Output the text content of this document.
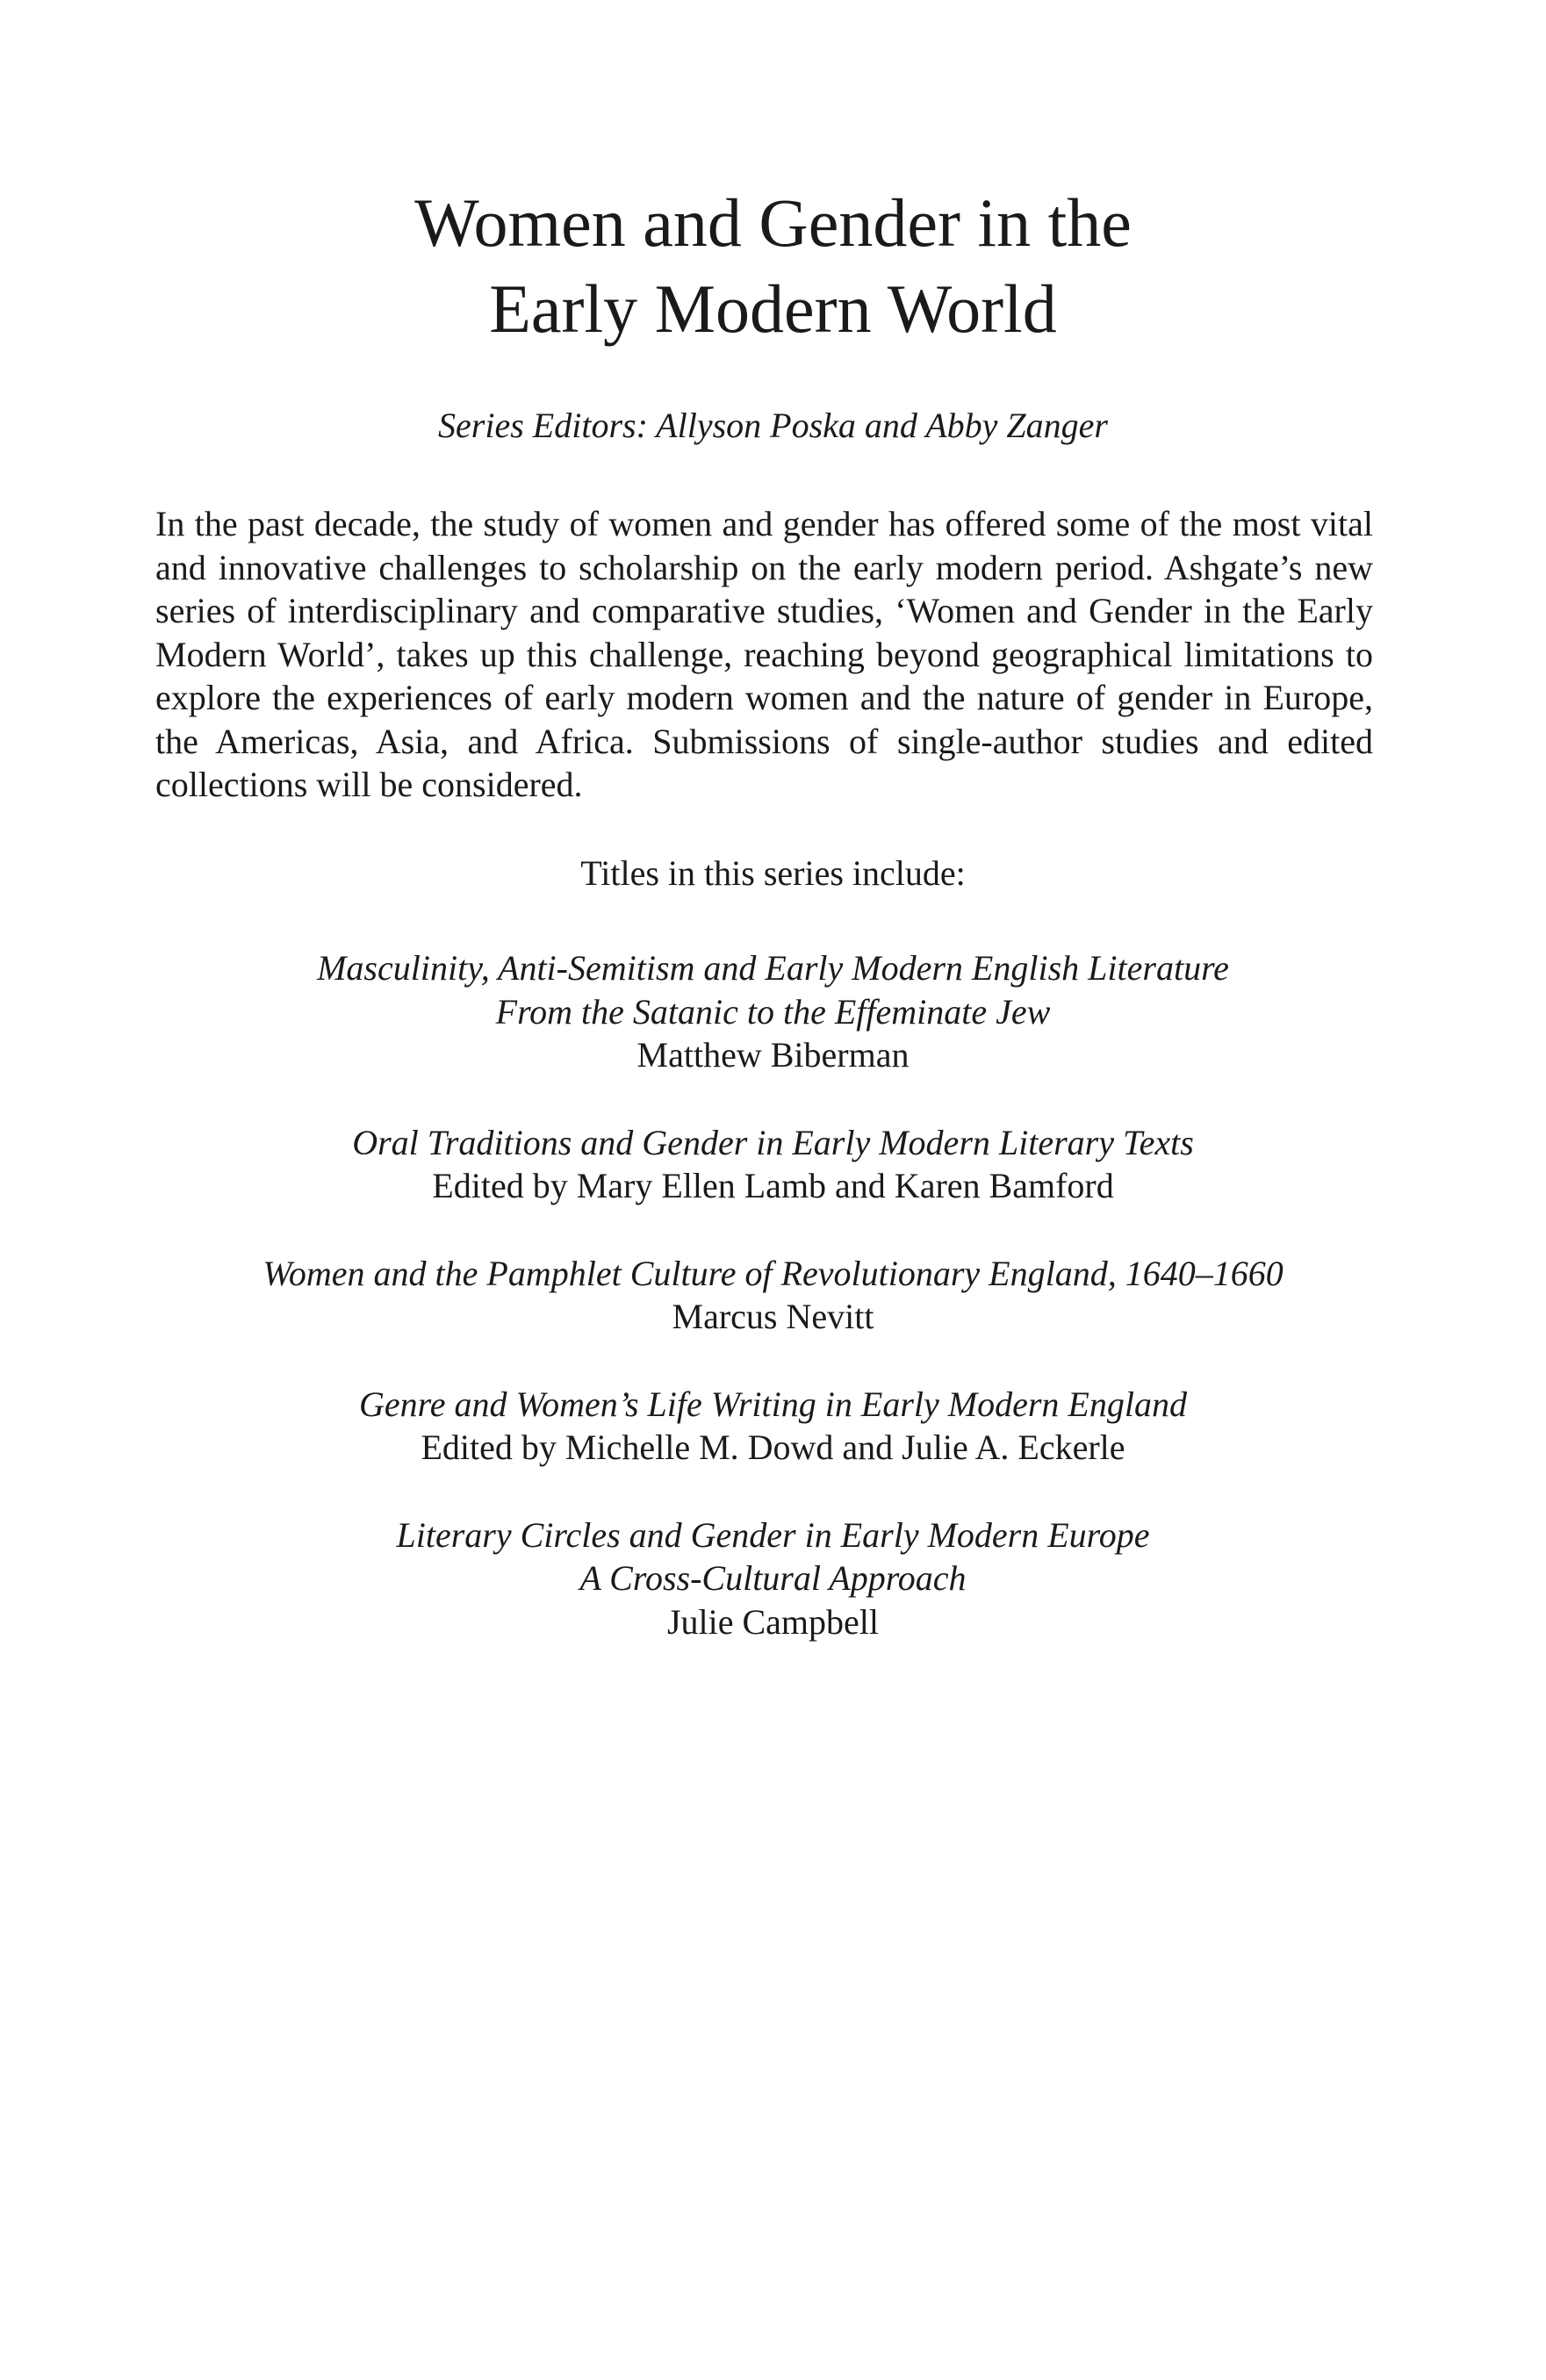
Women and Gender in the
Early Modern World
Series Editors: Allyson Poska and Abby Zanger

In the past decade, the study of women and gender has offered some of the most vital and innovative challenges to scholarship on the early modern period. Ashgate’s new series of interdisciplinary and comparative studies, ‘Women and Gender in the Early Modern World’, takes up this challenge, reaching beyond geographical limitations to explore the experiences of early modern women and the nature of gender in Europe, the Americas, Asia, and Africa. Submissions of single-author studies and edited collections will be considered.

Titles in this series include:
Masculinity, Anti-Semitism and Early Modern English Literature
From the Satanic to the Effeminate Jew
Matthew Biberman
Oral Traditions and Gender in Early Modern Literary Texts
Edited by Mary Ellen Lamb and Karen Bamford
Women and the Pamphlet Culture of Revolutionary England, 1640–1660
Marcus Nevitt
Genre and Women’s Life Writing in Early Modern England
Edited by Michelle M. Dowd and Julie A. Eckerle
Literary Circles and Gender in Early Modern Europe
A Cross-Cultural Approach
Julie Campbell
